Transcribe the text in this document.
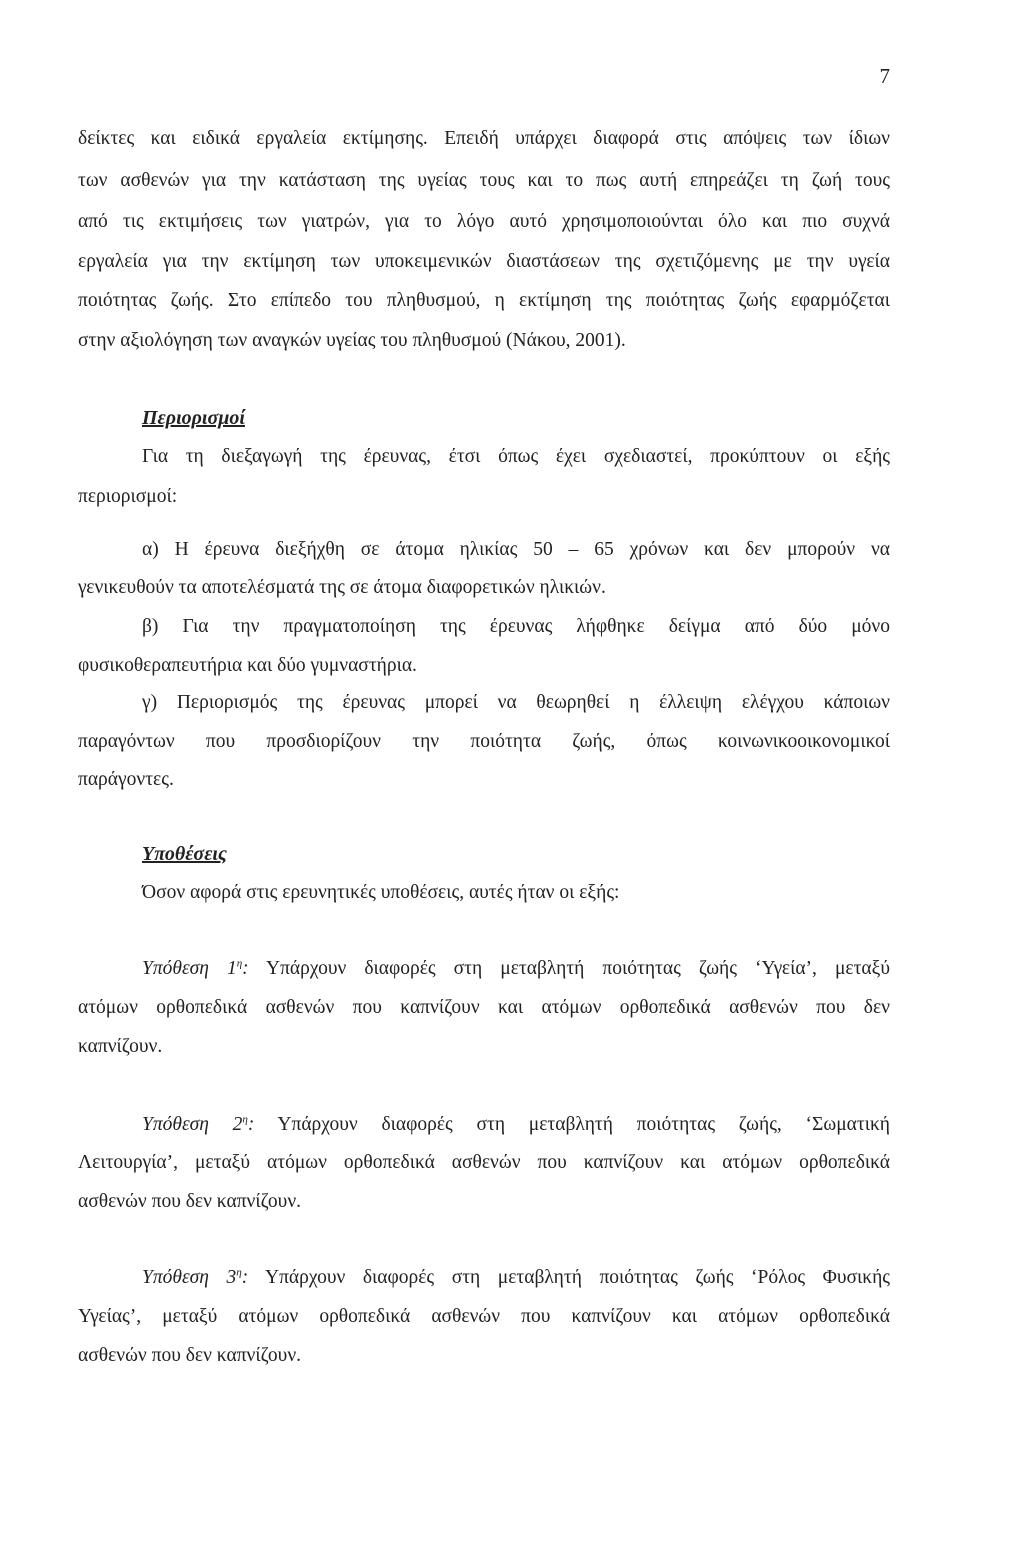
7
δείκτες και ειδικά εργαλεία εκτίμησης. Επειδή υπάρχει διαφορά στις απόψεις των ίδιων
των ασθενών για την κατάσταση της υγείας τους και το πως αυτή επηρεάζει τη ζωή τους
από τις εκτιμήσεις των γιατρών, για το λόγο αυτό χρησιμοποιούνται όλο και πιο συχνά
εργαλεία για την εκτίμηση των υποκειμενικών διαστάσεων της σχετιζόμενης με την υγεία
ποιότητας ζωής. Στο επίπεδο του πληθυσμού, η εκτίμηση της ποιότητας ζωής εφαρμόζεται
στην αξιολόγηση των αναγκών υγείας του πληθυσμού (Νάκου, 2001).
Περιορισμοί
Για τη διεξαγωγή της έρευνας, έτσι όπως έχει σχεδιαστεί, προκύπτουν οι εξής
περιορισμοί:
α) Η έρευνα διεξήχθη σε άτομα ηλικίας 50 – 65 χρόνων και δεν μπορούν να
γενικευθούν τα αποτελέσματά της σε άτομα διαφορετικών ηλικιών.
β) Για την πραγματοποίηση της έρευνας λήφθηκε δείγμα από δύο μόνο
φυσικοθεραπευτήρια και δύο γυμναστήρια.
γ) Περιορισμός της έρευνας μπορεί να θεωρηθεί η έλλειψη ελέγχου κάποιων
παραγόντων που προσδιορίζουν την ποιότητα ζωής, όπως κοινωνικοοικονομικοί
παράγοντες.
Υποθέσεις
Όσον αφορά στις ερευνητικές υποθέσεις, αυτές ήταν οι εξής:
Υπόθεση $1^\eta$: Υπάρχουν διαφορές στη μεταβλητή ποιότητας ζωής ‘Υγεία’, μεταξύ
ατόμων ορθοπεδικά ασθενών που καπνίζουν και ατόμων ορθοπεδικά ασθενών που δεν
καπνίζουν.
Υπόθεση $2^\eta$: Υπάρχουν διαφορές στη μεταβλητή ποιότητας ζωής, ‘Σωματική
Λειτουργία’, μεταξύ ατόμων ορθοπεδικά ασθενών που καπνίζουν και ατόμων ορθοπεδικά
ασθενών που δεν καπνίζουν.
Υπόθεση $3^\eta$: Υπάρχουν διαφορές στη μεταβλητή ποιότητας ζωής ‘Ρόλος Φυσικής
Υγείας’, μεταξύ ατόμων ορθοπεδικά ασθενών που καπνίζουν και ατόμων ορθοπεδικά
ασθενών που δεν καπνίζουν.
